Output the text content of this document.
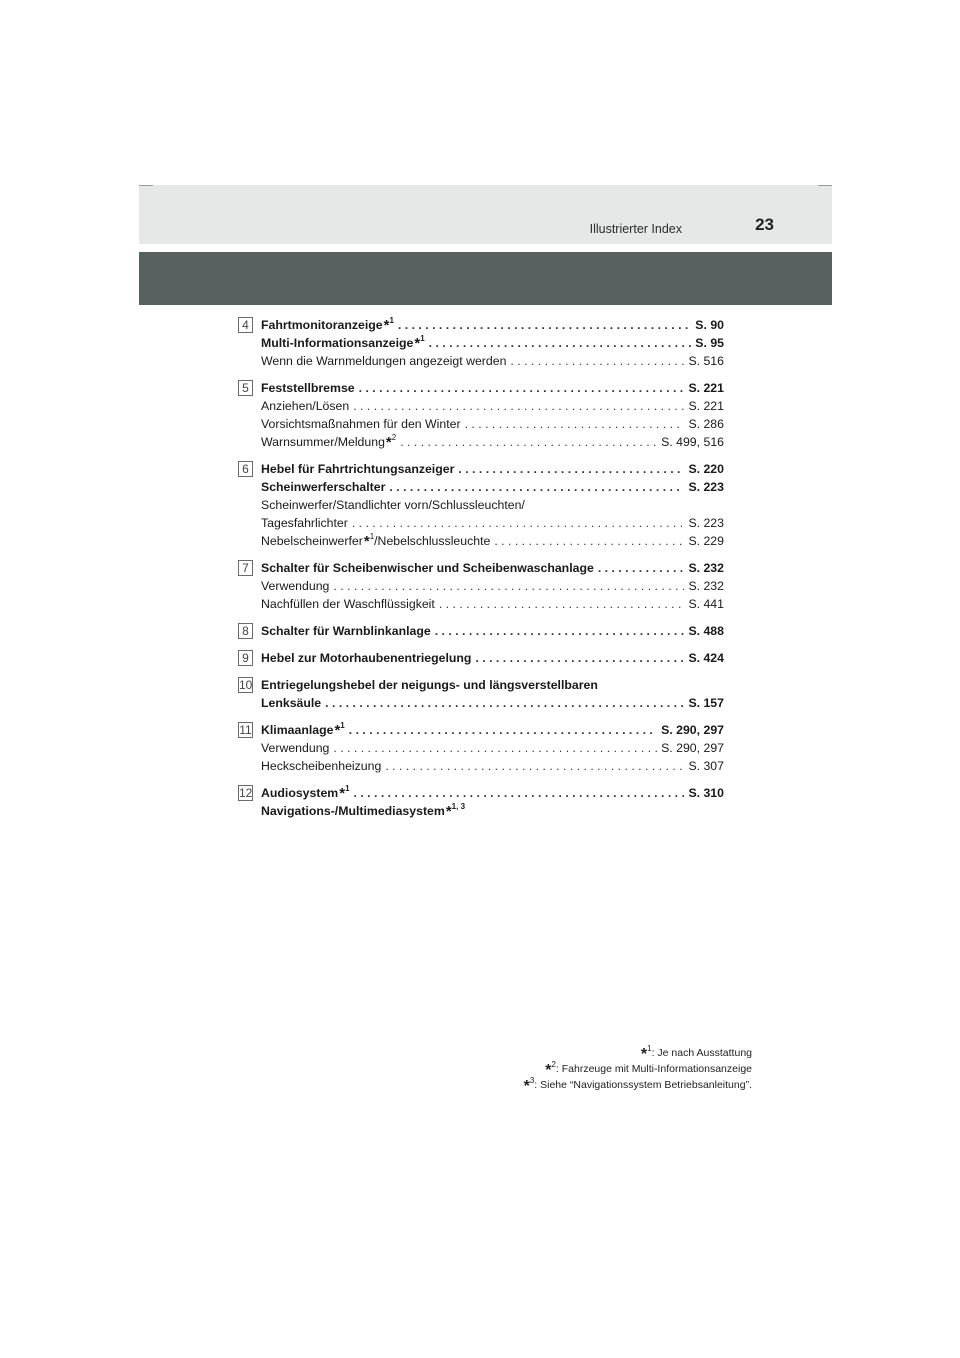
Illustrierter Index	23
4 Fahrtmonitoranzeige*$^1$ . . .	S. 90
Multi-Informationsanzeige*$^1$ . . .	S. 95
Wenn die Warnmeldungen angezeigt werden . . .	S. 516
5 Feststellbremse . . .	S. 221
Anziehen/Lösen . . .	S. 221
Vorsichtsmaßnahmen für den Winter . . .	S. 286
Warnsummer/Meldung*$^2$ . . .	S. 499, 516
6 Hebel für Fahrtrichtungsanzeiger . . .	S. 220
Scheinwerferschalter . . .	S. 223
Scheinwerfer/Standlichter vorn/Schlussleuchten/
Tagesfahrlichter . . .	S. 223
Nebelscheinwerfer*$^1$/Nebelschlussleuchte . . .	S. 229
7 Schalter für Scheibenwischer und Scheibenwaschanlage . . .	S. 232
Verwendung . . .	S. 232
Nachfüllen der Waschflüssigkeit . . .	S. 441
8 Schalter für Warnblinkanlage . . .	S. 488
9 Hebel zur Motorhaubenentriegelung . . .	S. 424
10 Entriegelungshebel der neigungs- und längsverstellbaren
Lenksäule . . .	S. 157
11 Klimaanlage*$^1$ . . .	S. 290, 297
Verwendung . . .	S. 290, 297
Heckscheibenheizung . . .	S. 307
12 Audiosystem*$^1$ . . .	S. 310
Navigations-/Multimediasystem*$^{1, 3}$
*$^1$: Je nach Ausstattung
*$^2$: Fahrzeuge mit Multi-Informationsanzeige
*$^3$: Siehe “Navigationssystem Betriebsanleitung”.
